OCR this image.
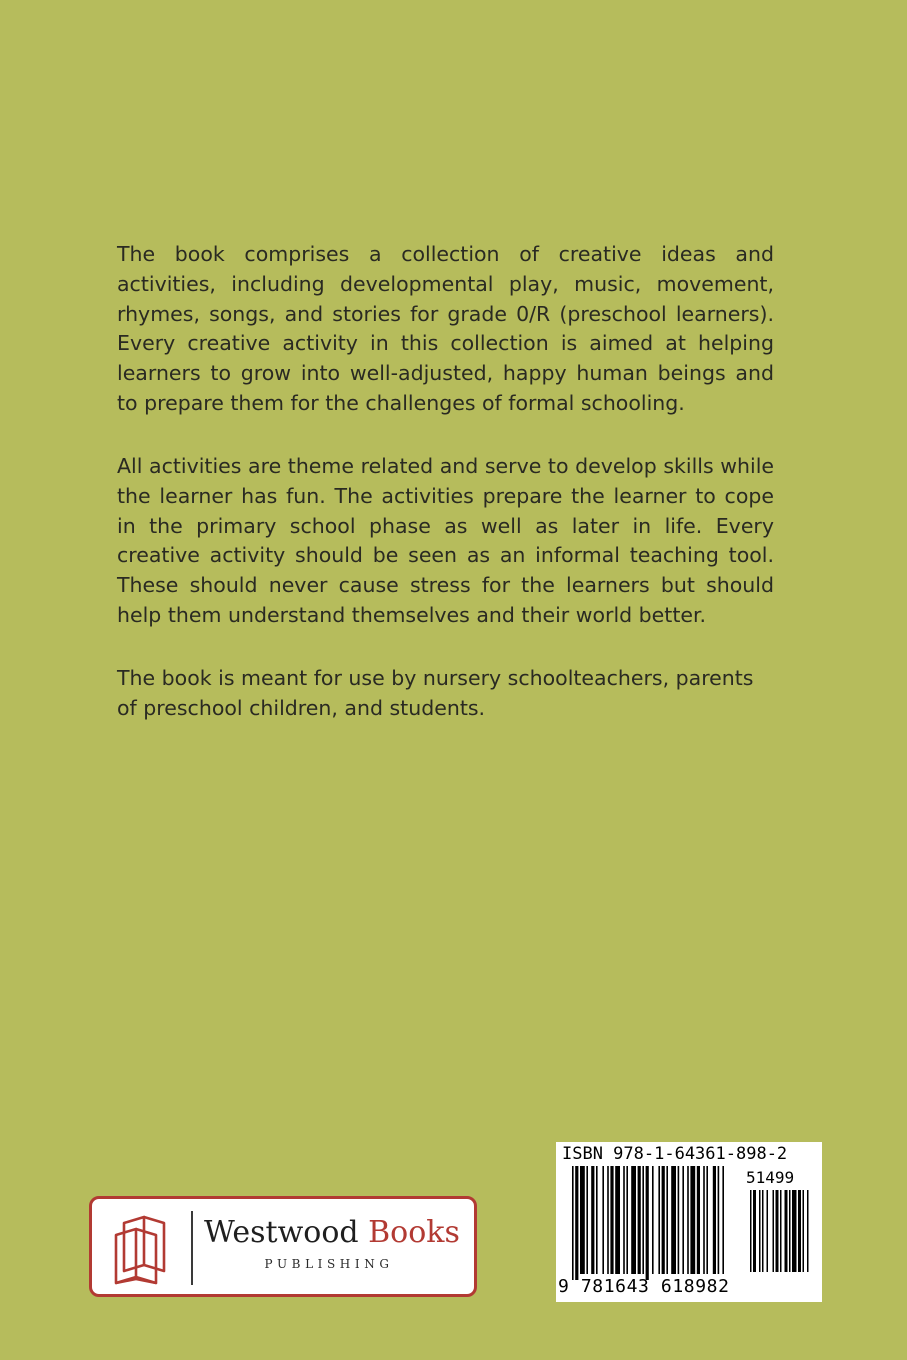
The book comprises a collection of creative ideas and activities, including developmental play, music, movement, rhymes, songs, and stories for grade 0/R (preschool learners). Every creative activity in this collection is aimed at helping learners to grow into well-adjusted, happy human beings and to prepare them for the challenges of formal schooling.

All activities are theme related and serve to develop skills while the learner has fun. The activities prepare the learner to cope in the primary school phase as well as later in life. Every creative activity should be seen as an informal teaching tool. These should never cause stress for the learners but should help them understand themselves and their world better.

The book is meant for use by nursery schoolteachers, parents of preschool children, and students.

Westwood Books
PUBLISHING
ISBN 978-1-64361-898-2
51499
9 781643 618982
